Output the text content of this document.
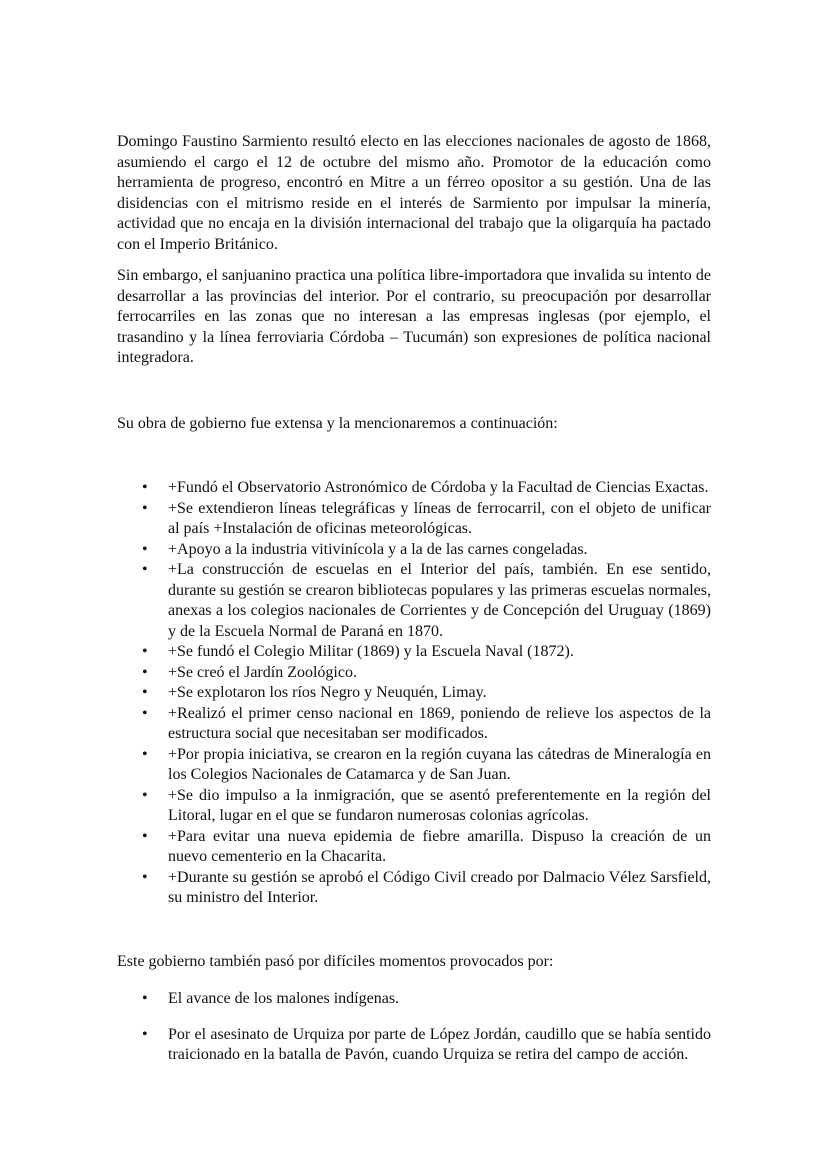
Domingo Faustino Sarmiento resultó electo en las elecciones nacionales de agosto de 1868, asumiendo el cargo el 12 de octubre del mismo año. Promotor de la educación como herramienta de progreso, encontró en Mitre a un férreo opositor a su gestión. Una de las disidencias con el mitrismo reside en el interés de Sarmiento por impulsar la minería, actividad que no encaja en la división internacional del trabajo que la oligarquía ha pactado con el Imperio Británico.

Sin embargo, el sanjuanino practica una política libre-importadora que invalida su intento de desarrollar a las provincias del interior. Por el contrario, su preocupación por desarrollar ferrocarriles en las zonas que no interesan a las empresas inglesas (por ejemplo, el trasandino y la línea ferroviaria Córdoba – Tucumán) son expresiones de política nacional integradora.

Su obra de gobierno fue extensa y la mencionaremos a continuación:

• +Fundó el Observatorio Astronómico de Córdoba y la Facultad de Ciencias Exactas.
• +Se extendieron líneas telegráficas y líneas de ferrocarril, con el objeto de unificar al país +Instalación de oficinas meteorológicas.
• +Apoyo a la industria vitivinícola y a la de las carnes congeladas.
• +La construcción de escuelas en el Interior del país, también. En ese sentido, durante su gestión se crearon bibliotecas populares y las primeras escuelas normales, anexas a los colegios nacionales de Corrientes y de Concepción del Uruguay (1869) y de la Escuela Normal de Paraná en 1870.
• +Se fundó el Colegio Militar (1869) y la Escuela Naval (1872).
• +Se creó el Jardín Zoológico.
• +Se explotaron los ríos Negro y Neuquén, Limay.
• +Realizó el primer censo nacional en 1869, poniendo de relieve los aspectos de la estructura social que necesitaban ser modificados.
• +Por propia iniciativa, se crearon en la región cuyana las cátedras de Mineralogía en los Colegios Nacionales de Catamarca y de San Juan.
• +Se dio impulso a la inmigración, que se asentó preferentemente en la región del Litoral, lugar en el que se fundaron numerosas colonias agrícolas.
• +Para evitar una nueva epidemia de fiebre amarilla. Dispuso la creación de un nuevo cementerio en la Chacarita.
• +Durante su gestión se aprobó el Código Civil creado por Dalmacio Vélez Sarsfield, su ministro del Interior.

Este gobierno también pasó por difíciles momentos provocados por:

• El avance de los malones indígenas.
• Por el asesinato de Urquiza por parte de López Jordán, caudillo que se había sentido traicionado en la batalla de Pavón, cuando Urquiza se retira del campo de acción.
